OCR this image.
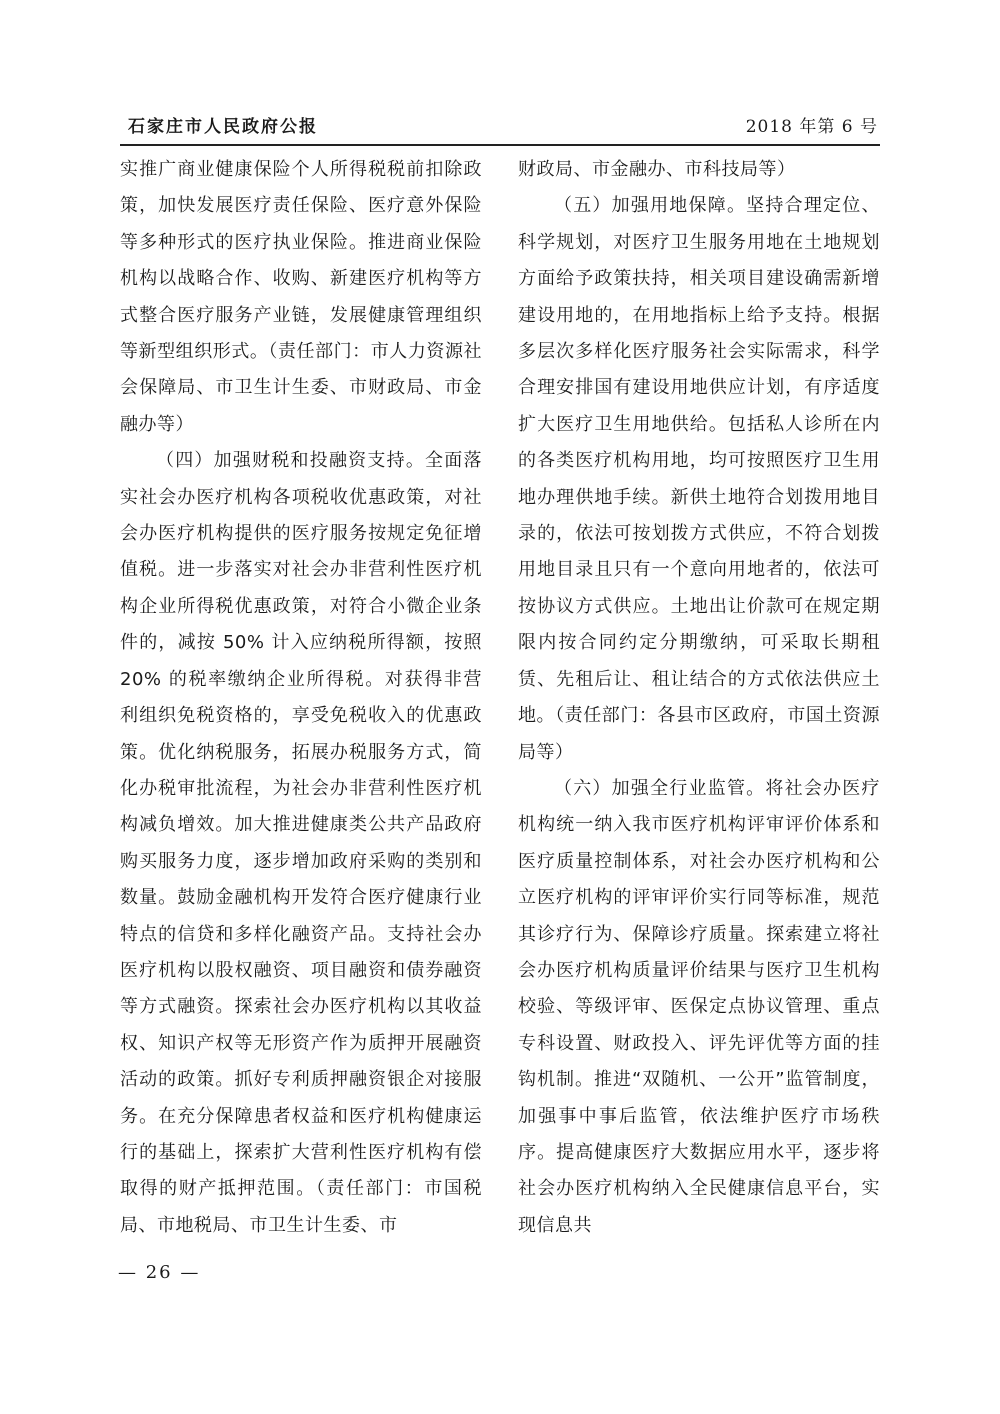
石家庄市人民政府公报	2018 年第 6 号

实推广商业健康保险个人所得税税前扣除政策，加快发展医疗责任保险、医疗意外保险等多种形式的医疗执业保险。推进商业保险机构以战略合作、收购、新建医疗机构等方式整合医疗服务产业链，发展健康管理组织等新型组织形式。（责任部门：市人力资源社会保障局、市卫生计生委、市财政局、市金融办等）

（四）加强财税和投融资支持。全面落实社会办医疗机构各项税收优惠政策，对社会办医疗机构提供的医疗服务按规定免征增值税。进一步落实对社会办非营利性医疗机构企业所得税优惠政策，对符合小微企业条件的，减按 50% 计入应纳税所得额，按照 20% 的税率缴纳企业所得税。对获得非营利组织免税资格的，享受免税收入的优惠政策。优化纳税服务，拓展办税服务方式，简化办税审批流程，为社会办非营利性医疗机构减负增效。加大推进健康类公共产品政府购买服务力度，逐步增加政府采购的类别和数量。鼓励金融机构开发符合医疗健康行业特点的信贷和多样化融资产品。支持社会办医疗机构以股权融资、项目融资和债券融资等方式融资。探索社会办医疗机构以其收益权、知识产权等无形资产作为质押开展融资活动的政策。抓好专利质押融资银企对接服务。在充分保障患者权益和医疗机构健康运行的基础上，探索扩大营利性医疗机构有偿取得的财产抵押范围。（责任部门：市国税局、市地税局、市卫生计生委、市

财政局、市金融办、市科技局等）

（五）加强用地保障。坚持合理定位、科学规划，对医疗卫生服务用地在土地规划方面给予政策扶持，相关项目建设确需新增建设用地的，在用地指标上给予支持。根据多层次多样化医疗服务社会实际需求，科学合理安排国有建设用地供应计划，有序适度扩大医疗卫生用地供给。包括私人诊所在内的各类医疗机构用地，均可按照医疗卫生用地办理供地手续。新供土地符合划拨用地目录的，依法可按划拨方式供应，不符合划拨用地目录且只有一个意向用地者的，依法可按协议方式供应。土地出让价款可在规定期限内按合同约定分期缴纳，可采取长期租赁、先租后让、租让结合的方式依法供应土地。（责任部门：各县市区政府，市国土资源局等）

（六）加强全行业监管。将社会办医疗机构统一纳入我市医疗机构评审评价体系和医疗质量控制体系，对社会办医疗机构和公立医疗机构的评审评价实行同等标准，规范其诊疗行为、保障诊疗质量。探索建立将社会办医疗机构质量评价结果与医疗卫生机构校验、等级评审、医保定点协议管理、重点专科设置、财政投入、评先评优等方面的挂钩机制。推进“双随机、一公开”监管制度，加强事中事后监管，依法维护医疗市场秩序。提高健康医疗大数据应用水平，逐步将社会办医疗机构纳入全民健康信息平台，实现信息共

— 26 —
